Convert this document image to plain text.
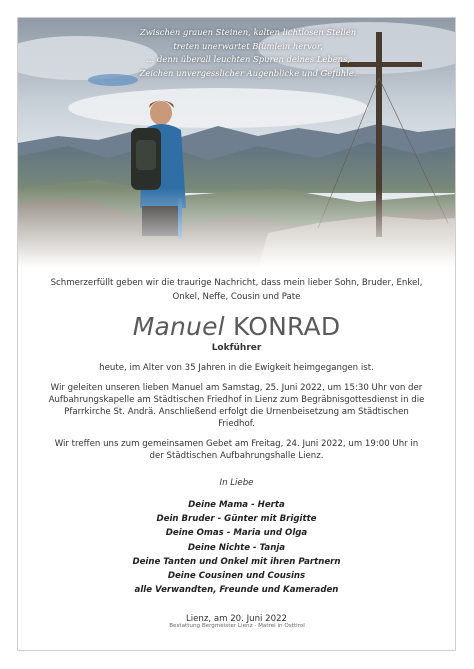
Zwischen grauen Steinen, kalten lichtlosen Stellen
treten unerwartet Blümlein hervor,
… denn überall leuchten Spuren deines Lebens,
Zeichen unvergesslicher Augenblicke und Gefühle.
Schmerzerfüllt geben wir die traurige Nachricht, dass mein lieber Sohn, Bruder, Enkel, Onkel, Neffe, Cousin und Pate
Manuel KONRAD
Lokführer
heute, im Alter von 35 Jahren in die Ewigkeit heimgegangen ist.
Wir geleiten unseren lieben Manuel am Samstag, 25. Juni 2022, um 15:30 Uhr von der Aufbahrungskapelle am Städtischen Friedhof in Lienz zum Begräbnisgottesdienst in die Pfarrkirche St. Andrä. Anschließend erfolgt die Urnenbeisetzung am Städtischen Friedhof.
Wir treffen uns zum gemeinsamen Gebet am Freitag, 24. Juni 2022, um 19:00 Uhr in der Städtischen Aufbahrungshalle Lienz.
In Liebe
Deine Mama - Herta
Dein Bruder - Günter mit Brigitte
Deine Omas - Maria und Olga
Deine Nichte - Tanja
Deine Tanten und Onkel mit ihren Partnern
Deine Cousinen und Cousins
alle Verwandten, Freunde und Kameraden
Lienz, am 20. Juni 2022
Bestattung Bergmeister Lienz - Matrei in Osttirol
